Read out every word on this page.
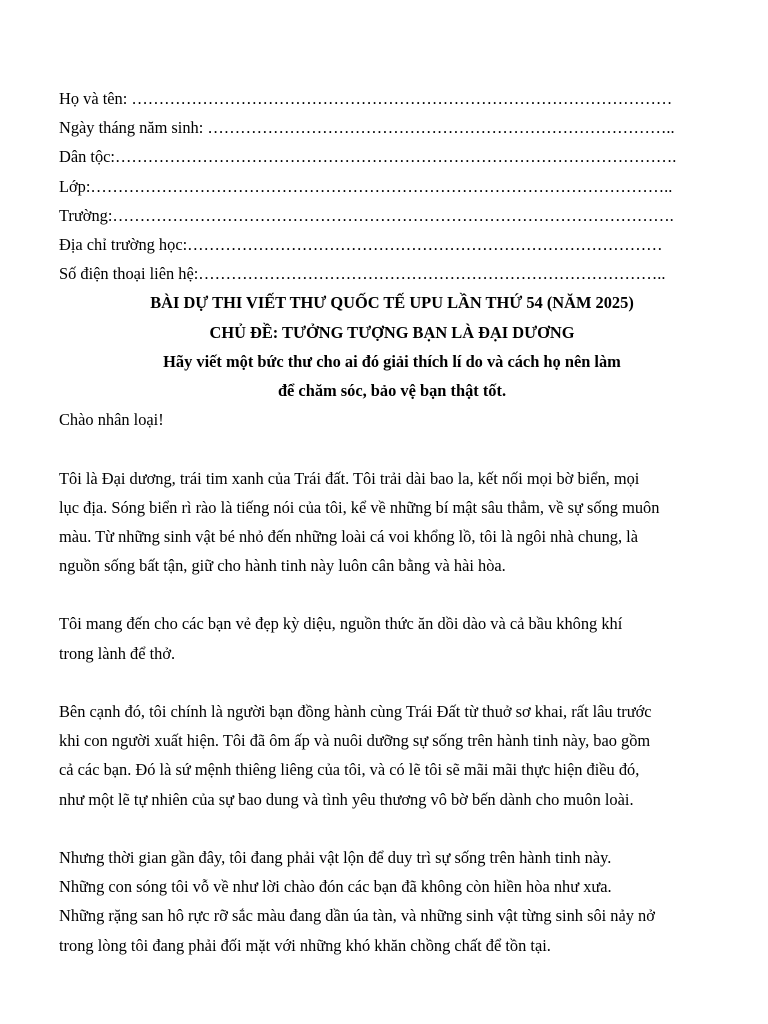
Họ và tên: ………………………………………………………………………………………
Ngày tháng năm sinh: …………………………………………………………………………..
Dân tộc:………………………………………………………………………………………….
Lớp:……………………………………………………………………………………………..
Trường:………………………………………………………………………………………….
Địa chỉ trường học:……………………………………………………………………………
Số điện thoại liên hệ:…………………………………………………………………………..
BÀI DỰ THI VIẾT THƯ QUỐC TẾ UPU LẦN THỨ 54 (NĂM 2025)
CHỦ ĐỀ: TƯỞNG TƯỢNG BẠN LÀ ĐẠI DƯƠNG
Hãy viết một bức thư cho ai đó giải thích lí do và cách họ nên làm
để chăm sóc, bảo vệ bạn thật tốt.
Chào nhân loại!
Tôi là Đại dương, trái tim xanh của Trái đất. Tôi trải dài bao la, kết nối mọi bờ biển, mọi
lục địa. Sóng biển rì rào là tiếng nói của tôi, kể về những bí mật sâu thẳm, về sự sống muôn
màu. Từ những sinh vật bé nhỏ đến những loài cá voi khổng lồ, tôi là ngôi nhà chung, là
nguồn sống bất tận, giữ cho hành tinh này luôn cân bằng và hài hòa.
Tôi mang đến cho các bạn vẻ đẹp kỳ diệu, nguồn thức ăn dồi dào và cả bầu không khí
trong lành để thở.
Bên cạnh đó, tôi chính là người bạn đồng hành cùng Trái Đất từ thuở sơ khai, rất lâu trước
khi con người xuất hiện. Tôi đã ôm ấp và nuôi dưỡng sự sống trên hành tinh này, bao gồm
cả các bạn. Đó là sứ mệnh thiêng liêng của tôi, và có lẽ tôi sẽ mãi mãi thực hiện điều đó,
như một lẽ tự nhiên của sự bao dung và tình yêu thương vô bờ bến dành cho muôn loài.
Nhưng thời gian gần đây, tôi đang phải vật lộn để duy trì sự sống trên hành tinh này.
Những con sóng tôi vỗ về như lời chào đón các bạn đã không còn hiền hòa như xưa.
Những rặng san hô rực rỡ sắc màu đang dần úa tàn, và những sinh vật từng sinh sôi nảy nở
trong lòng tôi đang phải đối mặt với những khó khăn chồng chất để tồn tại.
